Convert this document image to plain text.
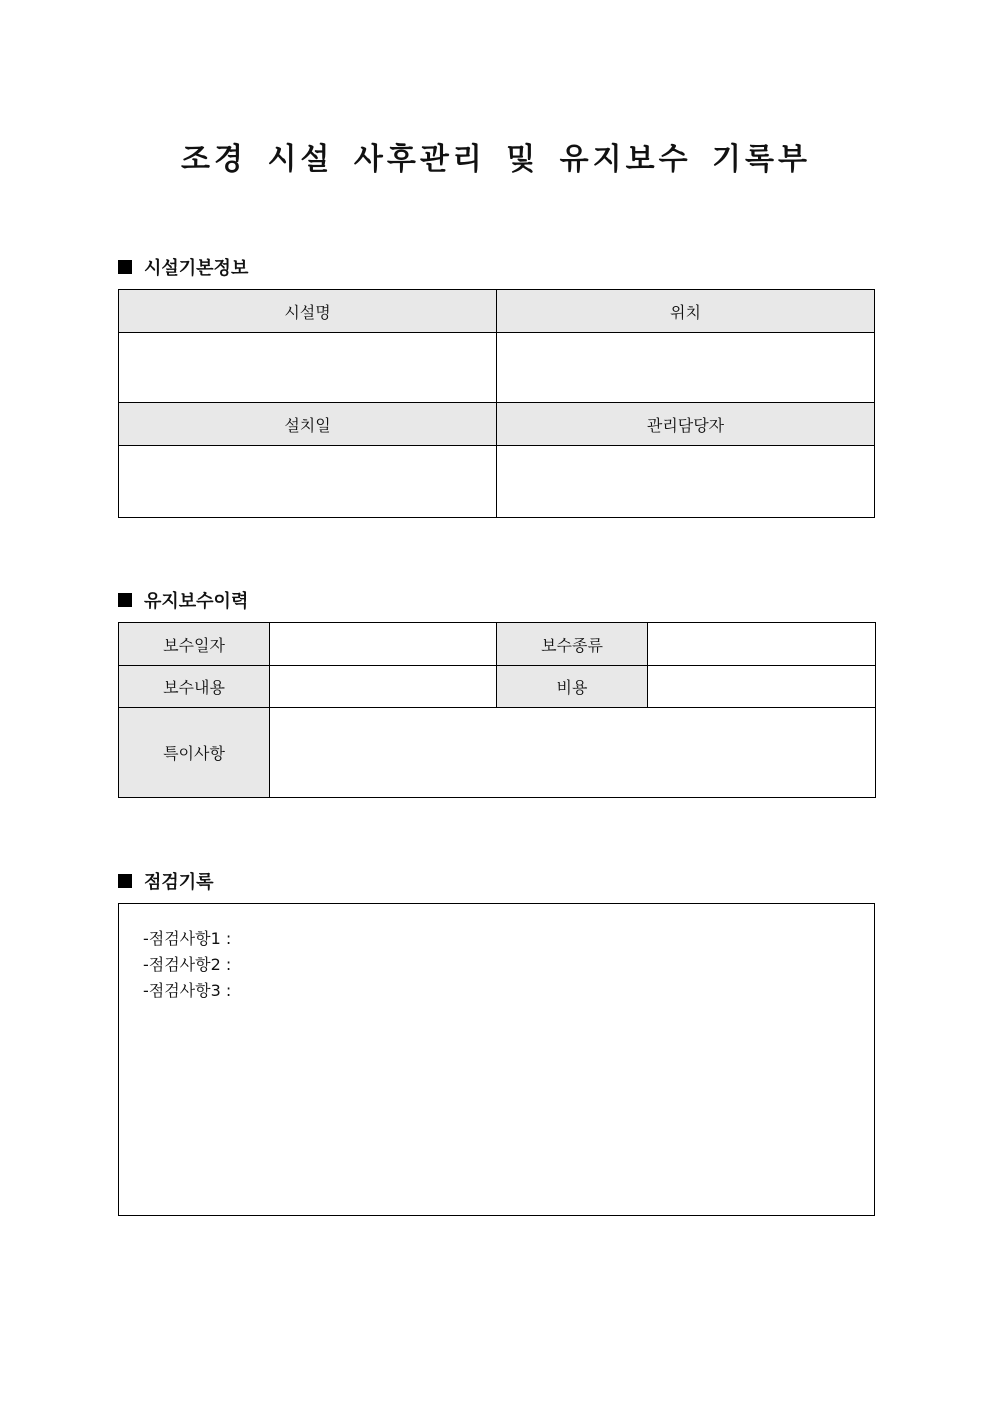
조경 시설 사후관리 및 유지보수 기록부
시설기본정보
시설명	위치

설치일	관리담당자

유지보수이력
보수일자		보수종류	
보수내용		비용	
특이사항			
점검기록
-점검사항1 :
-점검사항2 :
-점검사항3 :
